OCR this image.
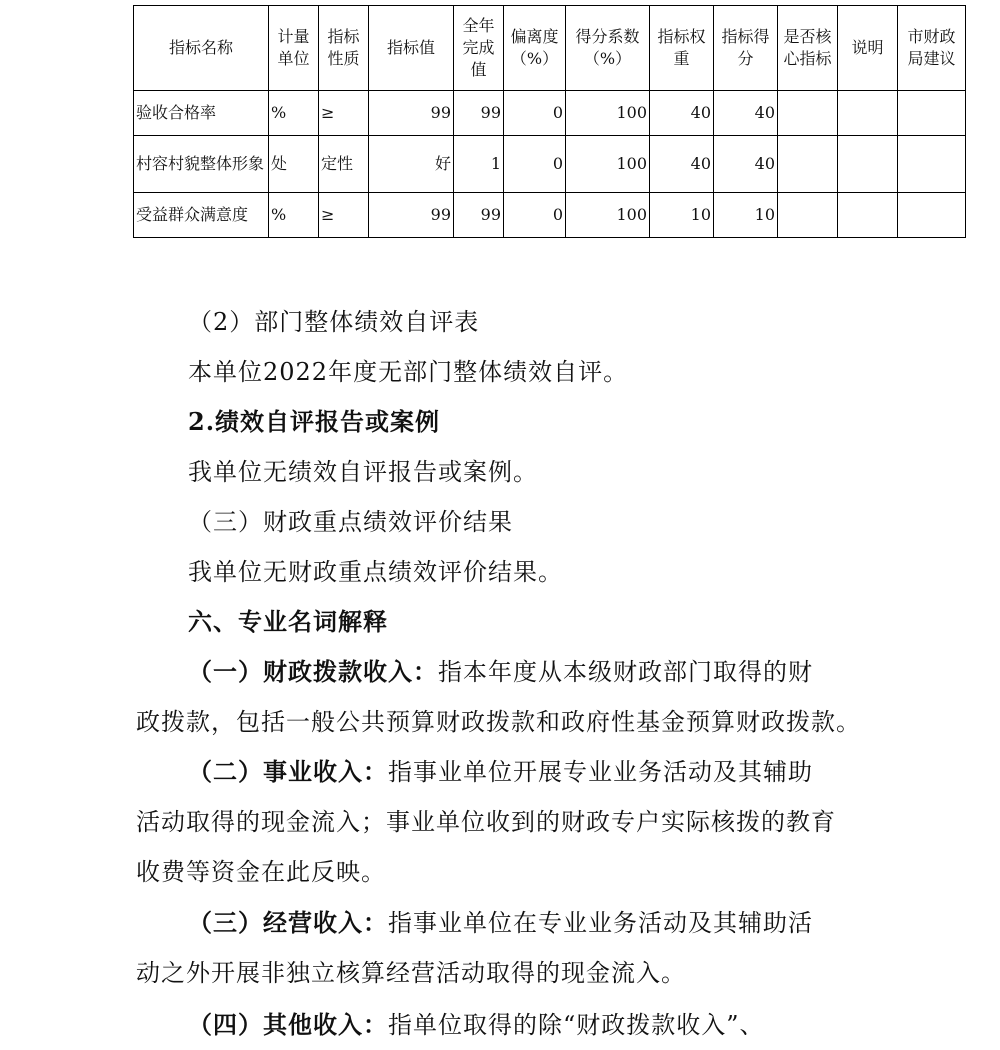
指标名称	计量单位	指标性质	指标值	全年完成值	偏离度（%）	得分系数（%）	指标权重	指标得分	是否核心指标	说明	市财政局建议
验收合格率	%	≥	99	99	0	100	40	40			
村容村貌整体形象	处	定性	好	1	0	100	40	40			
受益群众满意度	%	≥	99	99	0	100	10	10			
（2）部门整体绩效自评表
本单位2022年度无部门整体绩效自评。
2.绩效自评报告或案例
我单位无绩效自评报告或案例。
（三）财政重点绩效评价结果
我单位无财政重点绩效评价结果。
六、专业名词解释
（一）财政拨款收入：指本年度从本级财政部门取得的财
政拨款，包括一般公共预算财政拨款和政府性基金预算财政拨款。
（二）事业收入：指事业单位开展专业业务活动及其辅助
活动取得的现金流入；事业单位收到的财政专户实际核拨的教育
收费等资金在此反映。
（三）经营收入：指事业单位在专业业务活动及其辅助活
动之外开展非独立核算经营活动取得的现金流入。
（四）其他收入：指单位取得的除“财政拨款收入”、
